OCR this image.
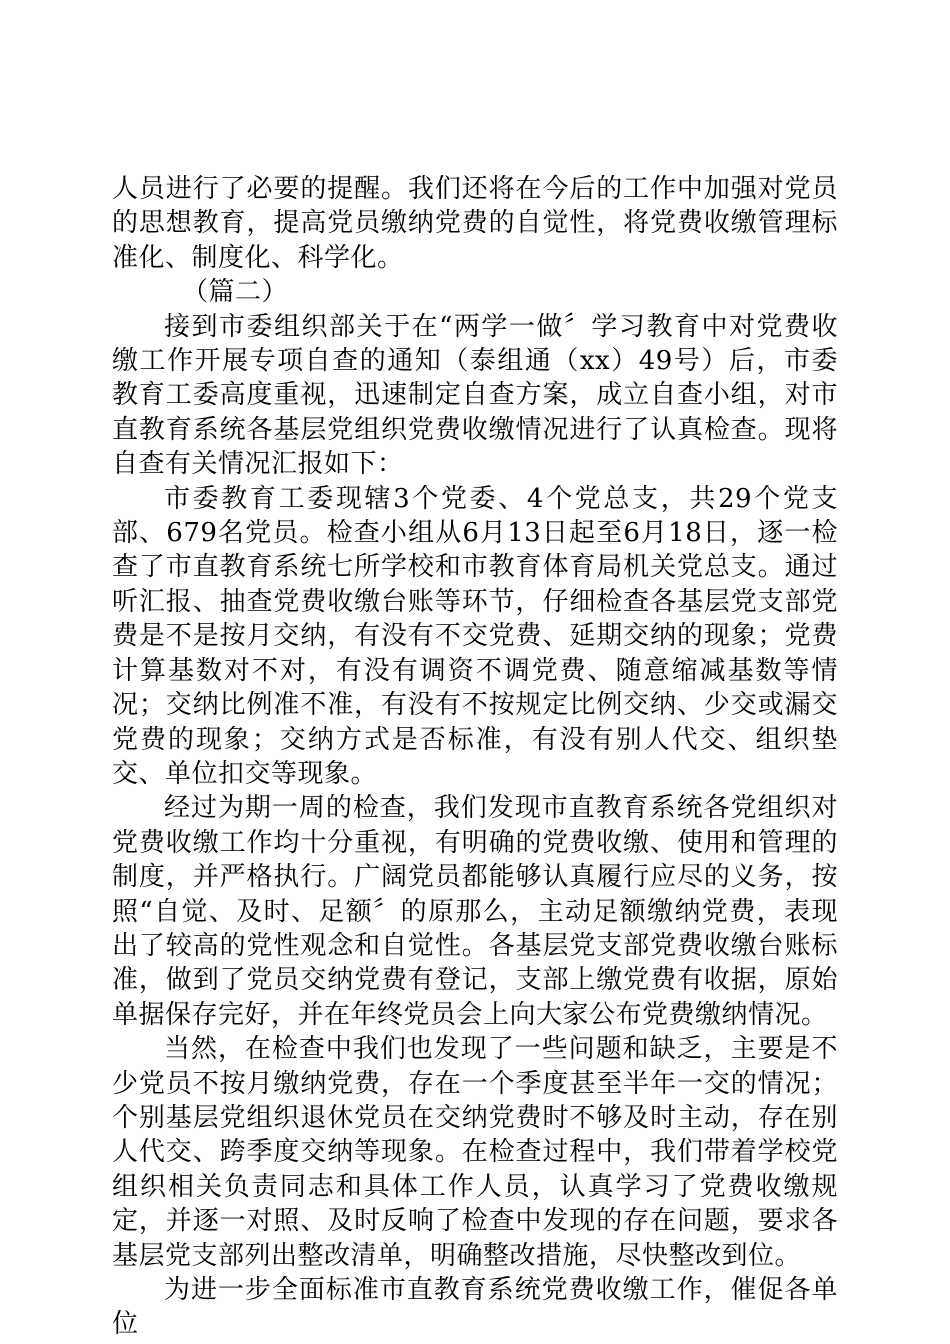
人员进行了必要的提醒。我们还将在今后的工作中加强对党员的思想教育，提高党员缴纳党费的自觉性，将党费收缴管理标准化、制度化、科学化。

（篇二）

接到市委组织部关于在“两学一做〞学习教育中对党费收缴工作开展专项自查的通知（泰组通（xx）49号）后，市委教育工委高度重视，迅速制定自查方案，成立自查小组，对市直教育系统各基层党组织党费收缴情况进行了认真检查。现将自查有关情况汇报如下：

市委教育工委现辖3个党委、4个党总支，共29个党支部、679名党员。检查小组从6月13日起至6月18日，逐一检查了市直教育系统七所学校和市教育体育局机关党总支。通过听汇报、抽查党费收缴台账等环节，仔细检查各基层党支部党费是不是按月交纳，有没有不交党费、延期交纳的现象；党费计算基数对不对，有没有调资不调党费、随意缩减基数等情况；交纳比例准不准，有没有不按规定比例交纳、少交或漏交党费的现象；交纳方式是否标准，有没有别人代交、组织垫交、单位扣交等现象。

经过为期一周的检查，我们发现市直教育系统各党组织对党费收缴工作均十分重视，有明确的党费收缴、使用和管理的制度，并严格执行。广阔党员都能够认真履行应尽的义务，按照“自觉、及时、足额〞的原那么，主动足额缴纳党费，表现出了较高的党性观念和自觉性。各基层党支部党费收缴台账标准，做到了党员交纳党费有登记，支部上缴党费有收据，原始单据保存完好，并在年终党员会上向大家公布党费缴纳情况。

当然，在检查中我们也发现了一些问题和缺乏，主要是不少党员不按月缴纳党费，存在一个季度甚至半年一交的情况；个别基层党组织退休党员在交纳党费时不够及时主动，存在别人代交、跨季度交纳等现象。在检查过程中，我们带着学校党组织相关负责同志和具体工作人员，认真学习了党费收缴规定，并逐一对照、及时反响了检查中发现的存在问题，要求各基层党支部列出整改清单，明确整改措施，尽快整改到位。

为进一步全面标准市直教育系统党费收缴工作，催促各单位
